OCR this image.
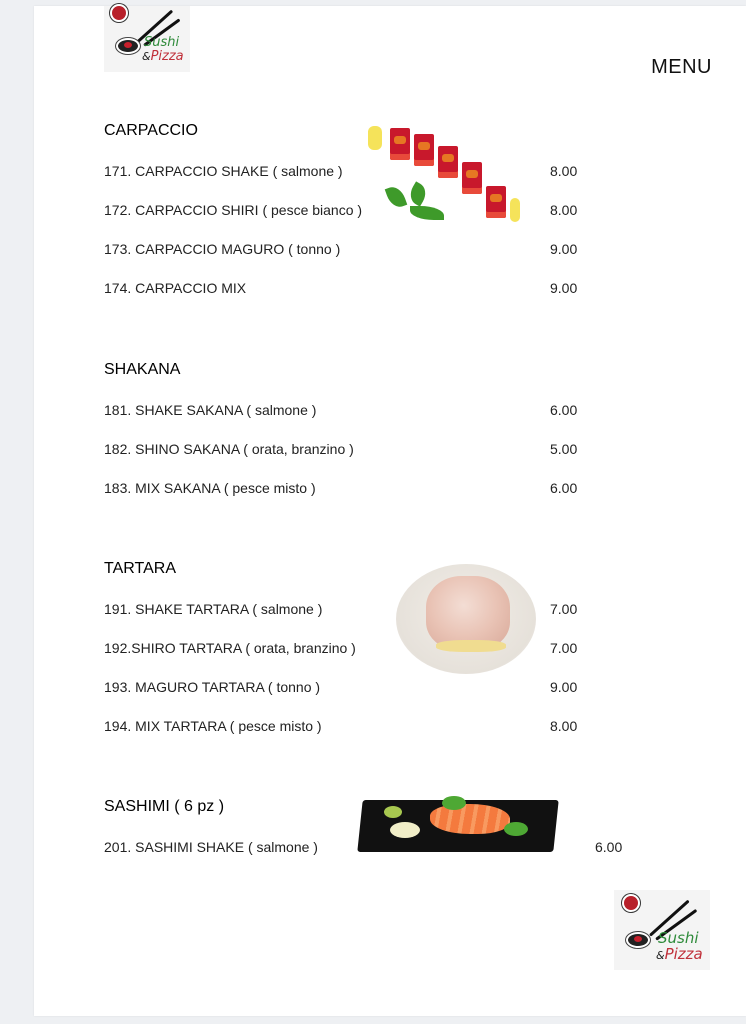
Sushi
&Pizza	MENU
CARPACCIO
171. CARPACCIO SHAKE ( salmone )	8.00
172. CARPACCIO SHIRI ( pesce bianco )	8.00
173. CARPACCIO MAGURO ( tonno )	9.00
174. CARPACCIO MIX	9.00
SHAKANA
181. SHAKE SAKANA ( salmone )	6.00
182. SHINO SAKANA ( orata, branzino )	5.00
183. MIX SAKANA ( pesce misto )	6.00
TARTARA
191. SHAKE TARTARA ( salmone )	7.00
192.SHIRO TARTARA ( orata, branzino )	7.00
193. MAGURO TARTARA ( tonno )	9.00
194. MIX TARTARA ( pesce misto )	8.00
SASHIMI ( 6 pz )
201. SASHIMI SHAKE ( salmone )	6.00
Sushi
&Pizza
